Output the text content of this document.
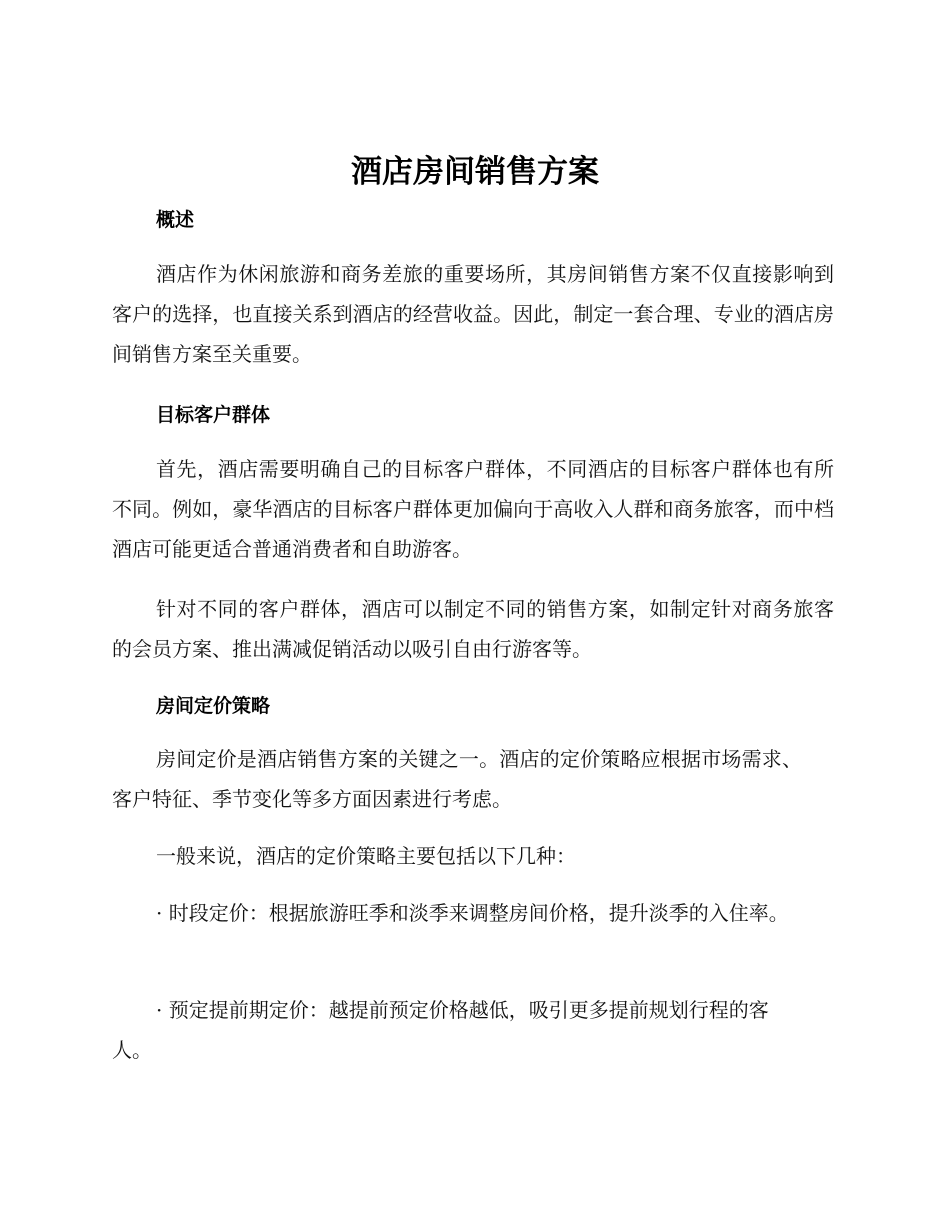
酒店房间销售方案
概述

酒店作为休闲旅游和商务差旅的重要场所，其房间销售方案不仅直接影响到客户的选择，也直接关系到酒店的经营收益。因此，制定一套合理、专业的酒店房间销售方案至关重要。

目标客户群体

首先，酒店需要明确自己的目标客户群体，不同酒店的目标客户群体也有所不同。例如，豪华酒店的目标客户群体更加偏向于高收入人群和商务旅客，而中档酒店可能更适合普通消费者和自助游客。

针对不同的客户群体，酒店可以制定不同的销售方案，如制定针对商务旅客的会员方案、推出满减促销活动以吸引自由行游客等。

房间定价策略

房间定价是酒店销售方案的关键之一。酒店的定价策略应根据市场需求、客户特征、季节变化等多方面因素进行考虑。

一般来说，酒店的定价策略主要包括以下几种：

· 时段定价：根据旅游旺季和淡季来调整房间价格，提升淡季的入住率。

· 预定提前期定价：越提前预定价格越低，吸引更多提前规划行程的客人。
